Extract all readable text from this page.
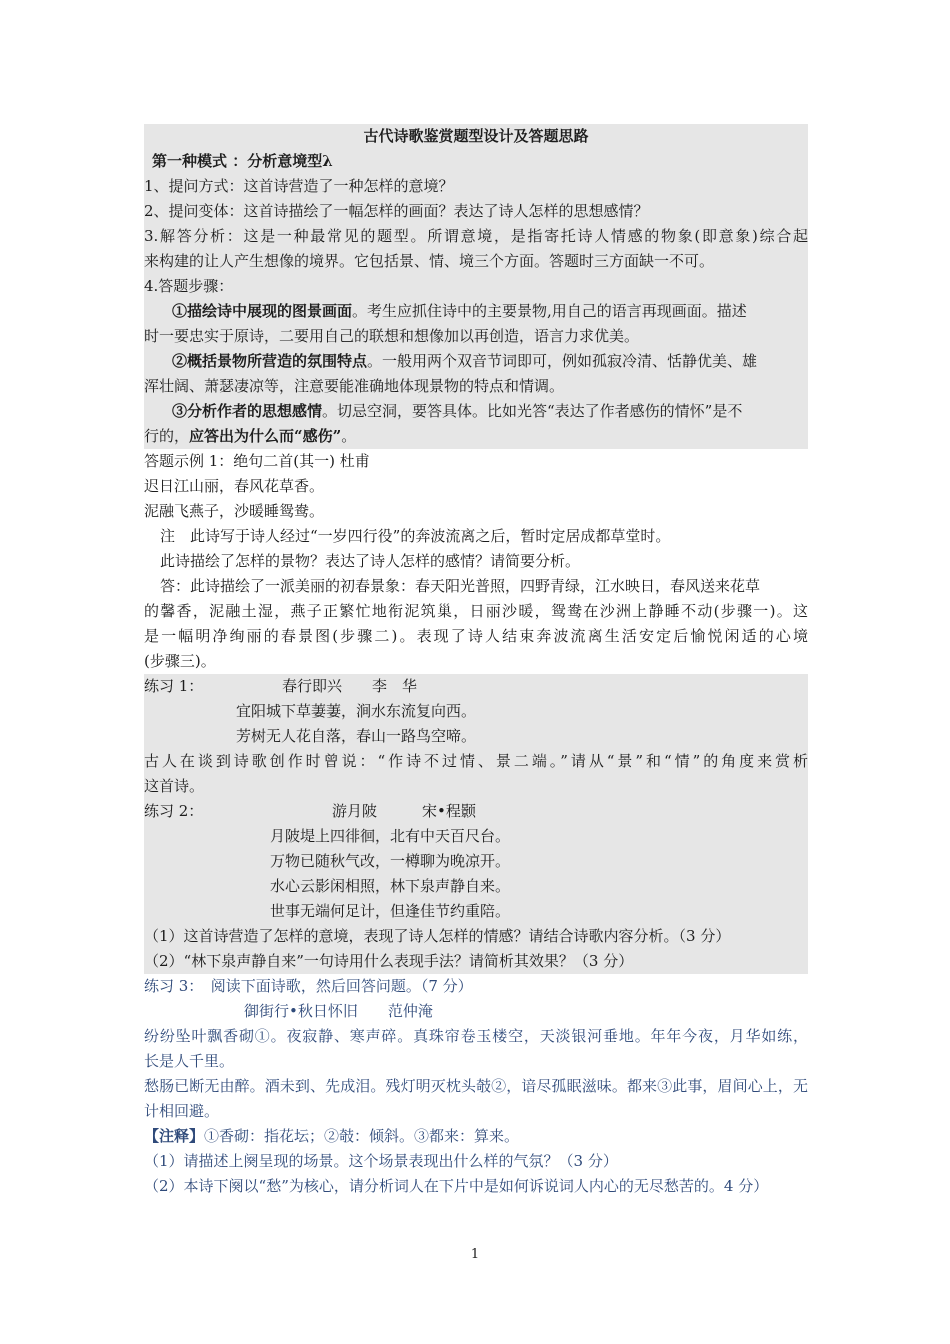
古代诗歌鉴赏题型设计及答题思路
第一种模式 ：分析意境型λ
1、提问方式：这首诗营造了一种怎样的意境？
2、提问变体：这首诗描绘了一幅怎样的画面？表达了诗人怎样的思想感情？
3.解答分析：这是一种最常见的题型。所谓意境，是指寄托诗人情感的物象(即意象)综合起
来构建的让人产生想像的境界。它包括景、情、境三个方面。答题时三方面缺一不可。
4.答题步骤：
①描绘诗中展现的图景画面。考生应抓住诗中的主要景物,用自己的语言再现画面。描述
时一要忠实于原诗，二要用自己的联想和想像加以再创造，语言力求优美。
②概括景物所营造的氛围特点。一般用两个双音节词即可，例如孤寂冷清、恬静优美、雄
浑壮阔、萧瑟凄凉等，注意要能准确地体现景物的特点和情调。
③分析作者的思想感情。切忌空洞，要答具体。比如光答“表达了作者感伤的情怀”是不
行的，应答出为什么而“感伤”。
答题示例 1：绝句二首(其一) 杜甫
迟日江山丽，春风花草香。
泥融飞燕子，沙暖睡鸳鸯。
注　此诗写于诗人经过“一岁四行役”的奔波流离之后，暂时定居成都草堂时。
此诗描绘了怎样的景物？表达了诗人怎样的感情？请简要分析。
答：此诗描绘了一派美丽的初春景象：春天阳光普照，四野青绿，江水映日，春风送来花草
的馨香，泥融土湿，燕子正繁忙地衔泥筑巢，日丽沙暖，鸳鸯在沙洲上静睡不动(步骤一)。这
是一幅明净绚丽的春景图(步骤二)。表现了诗人结束奔波流离生活安定后愉悦闲适的心境
(步骤三)。
练习 1：	春行即兴　　李　华
宜阳城下草萋萋，涧水东流复向西。
芳树无人花自落，春山一路鸟空啼。
古人在谈到诗歌创作时曾说：“作诗不过情、景二端。”请从“景”和“情”的角度来赏析
这首诗。
练习 2：	游月陂　　　宋•程颢
月陂堤上四徘徊，北有中天百尺台。
万物已随秋气改，一樽聊为晚凉开。
水心云影闲相照，林下泉声静自来。
世事无端何足计，但逢佳节约重陪。
（1）这首诗营造了怎样的意境，表现了诗人怎样的情感？请结合诗歌内容分析。（3 分）
（2）“林下泉声静自来”一句诗用什么表现手法？请简析其效果？（3 分）
练习 3：　阅读下面诗歌，然后回答问题。（7 分）
御街行•秋日怀旧　　范仲淹
纷纷坠叶飘香砌①。夜寂静、寒声碎。真珠帘卷玉楼空，天淡银河垂地。年年今夜，月华如练，
长是人千里。
愁肠已断无由醉。酒未到、先成泪。残灯明灭枕头攲②，谙尽孤眠滋味。都来③此事，眉间心上，无
计相回避。
【注释】①香砌：指花坛；②攲：倾斜。③都来：算来。
（1）请描述上阕呈现的场景。这个场景表现出什么样的气氛？（3 分）
（2）本诗下阕以“愁”为核心，请分析词人在下片中是如何诉说词人内心的无尽愁苦的。4 分）
1
